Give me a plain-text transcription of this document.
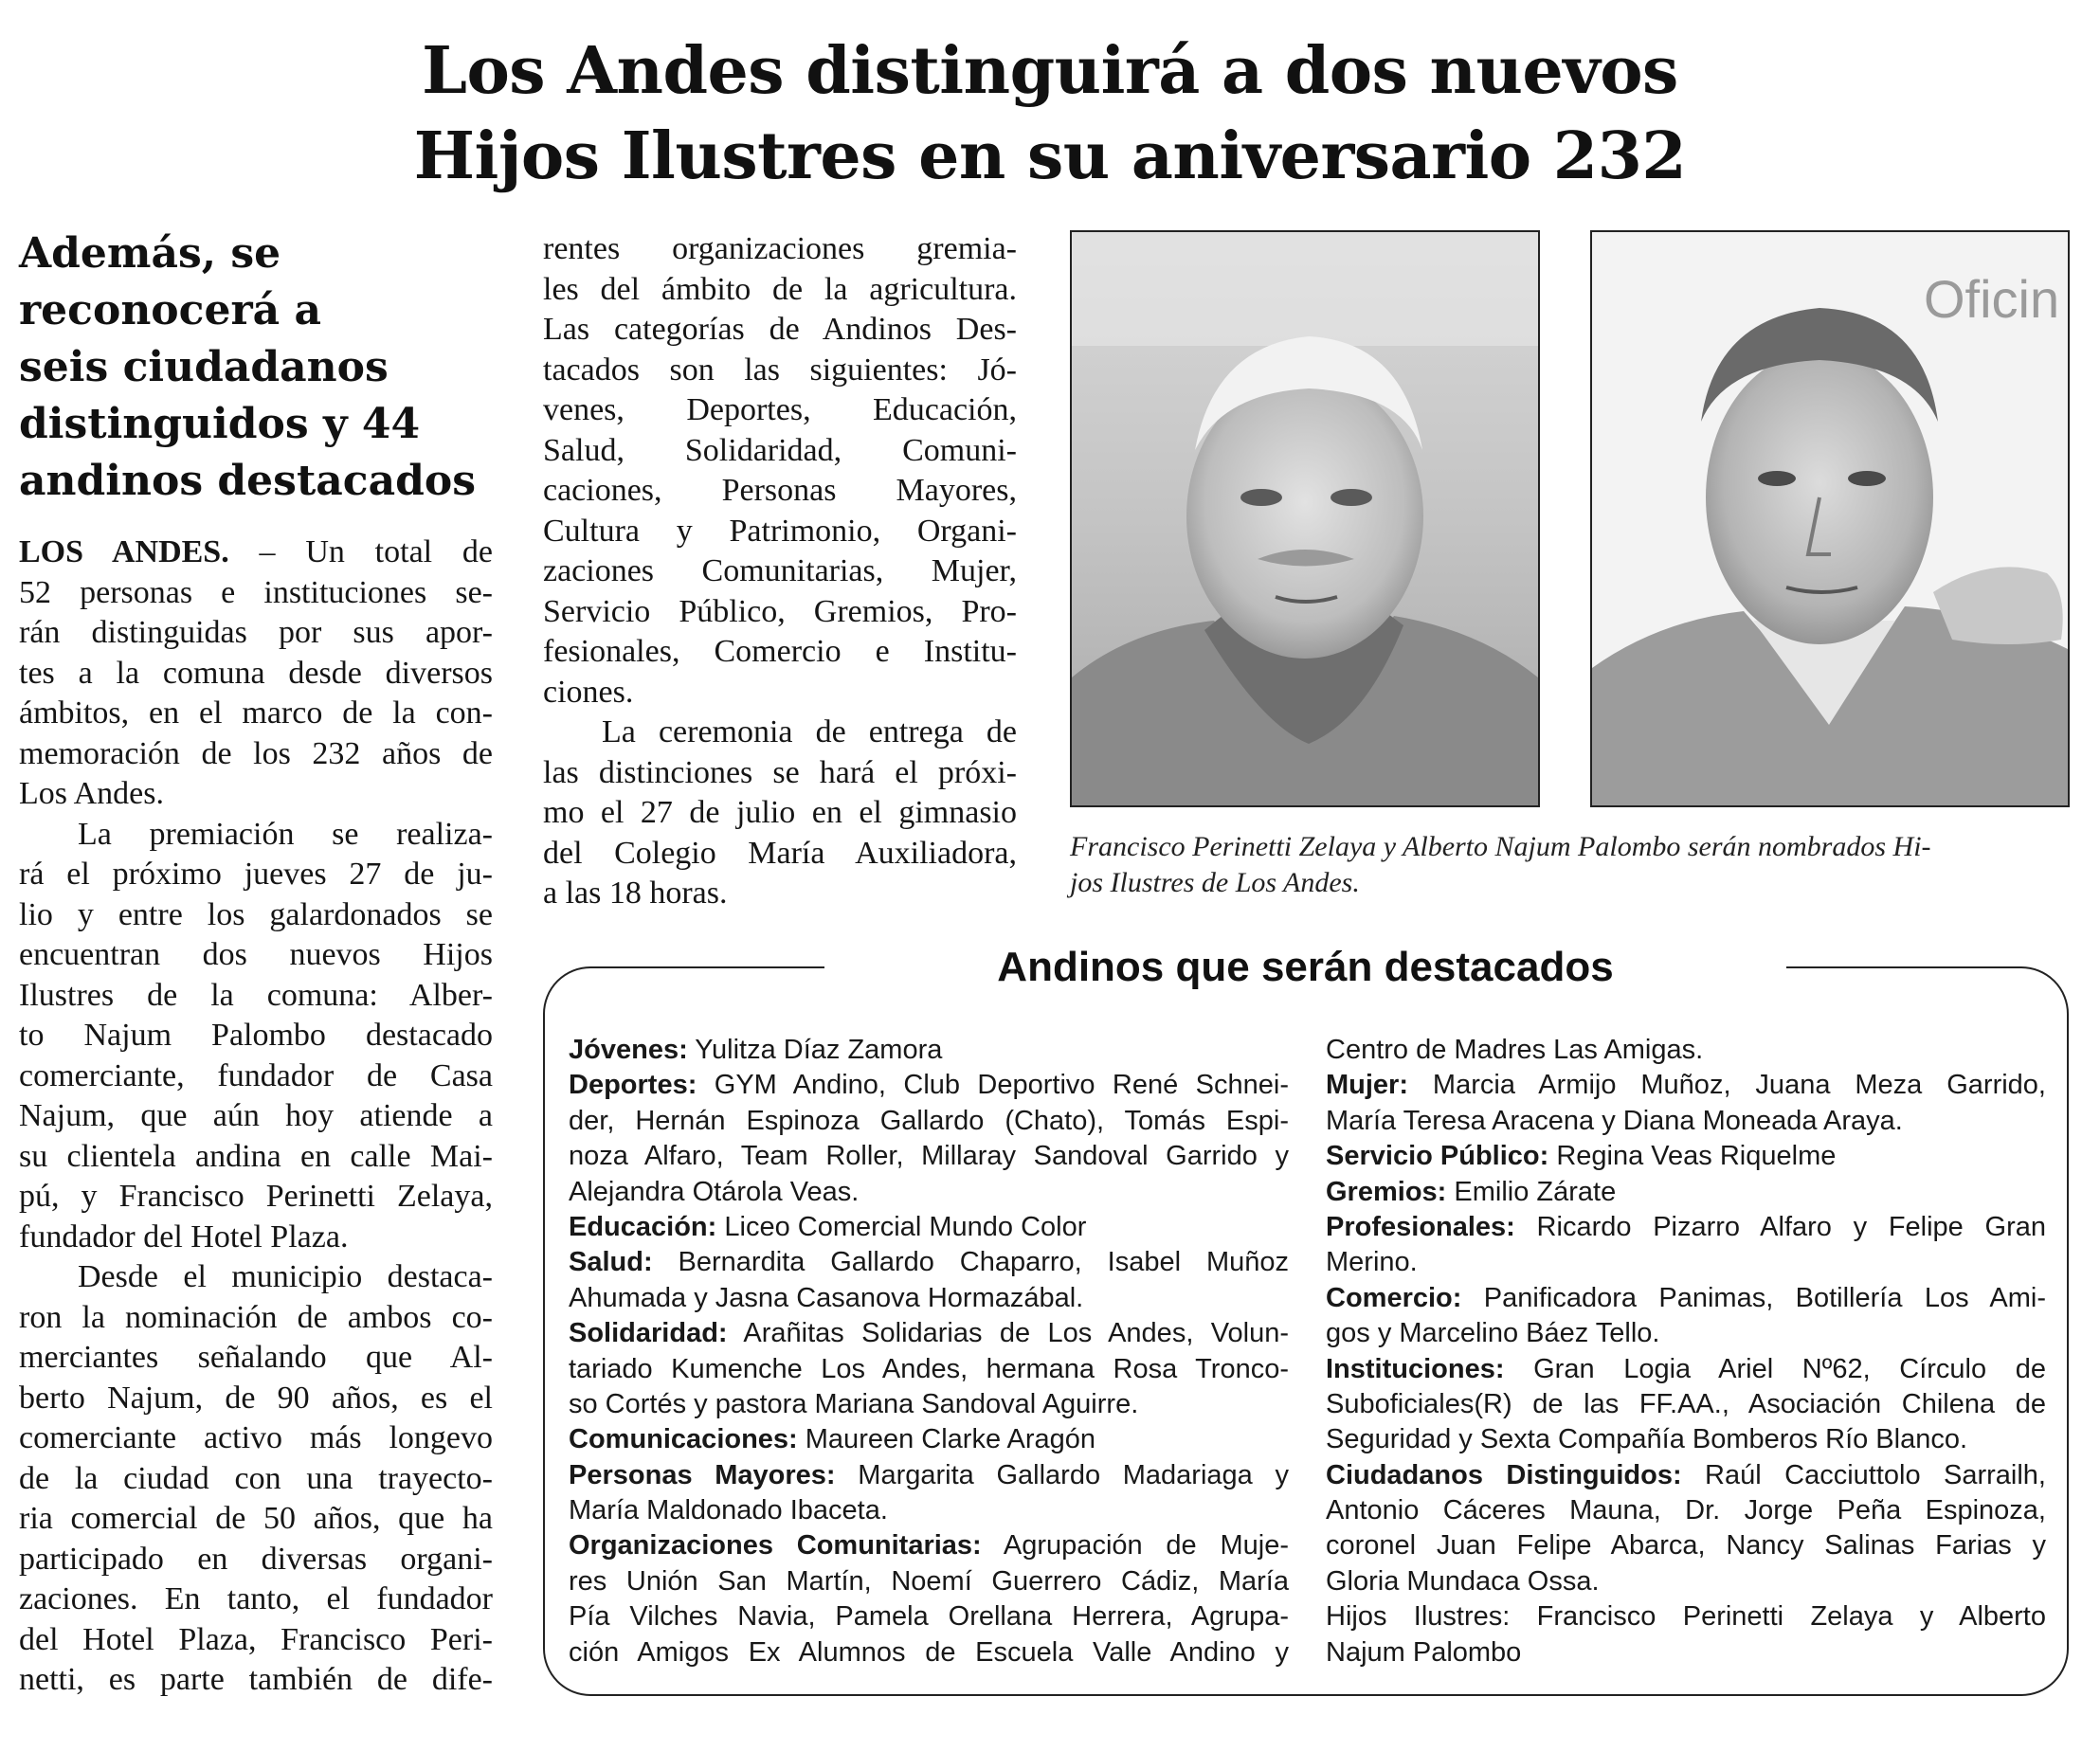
Los Andes distinguirá a dos nuevos
Hijos Ilustres en su aniversario 232
Además, se
reconocerá a
seis ciudadanos
distinguidos y 44
andinos destacados
LOS ANDES. – Un total de
52 personas e instituciones se-
rán distinguidas por sus apor-
tes a la comuna desde diversos
ámbitos, en el marco de la con-
memoración de los 232 años de
Los Andes.
La premiación se realiza-
rá el próximo jueves 27 de ju-
lio y entre los galardonados se
encuentran dos nuevos Hijos
Ilustres de la comuna: Alber-
to Najum Palombo destacado
comerciante, fundador de Casa
Najum, que aún hoy atiende a
su clientela andina en calle Mai-
pú, y Francisco Perinetti Zelaya,
fundador del Hotel Plaza.
Desde el municipio destaca-
ron la nominación de ambos co-
merciantes señalando que Al-
berto Najum, de 90 años, es el
comerciante activo más longevo
de la ciudad con una trayecto-
ria comercial de 50 años, que ha
participado en diversas organi-
zaciones. En tanto, el fundador
del Hotel Plaza, Francisco Peri-
netti, es parte también de dife-
rentes organizaciones gremia-
les del ámbito de la agricultura.
Las categorías de Andinos Des-
tacados son las siguientes: Jó-
venes, Deportes, Educación,
Salud, Solidaridad, Comuni-
caciones, Personas Mayores,
Cultura y Patrimonio, Organi-
zaciones Comunitarias, Mujer,
Servicio Público, Gremios, Pro-
fesionales, Comercio e Institu-
ciones.
La ceremonia de entrega de
las distinciones se hará el próxi-
mo el 27 de julio en el gimnasio
del Colegio María Auxiliadora,
a las 18 horas.
Oficin
Francisco Perinetti Zelaya y Alberto Najum Palombo serán nombrados Hi-
jos Ilustres de Los Andes.
Andinos que serán destacados
Jóvenes: Yulitza Díaz Zamora
Deportes: GYM Andino, Club Deportivo René Schnei-
der, Hernán Espinoza Gallardo (Chato), Tomás Espi-
noza Alfaro, Team Roller, Millaray Sandoval Garrido y
Alejandra Otárola Veas.
Educación: Liceo Comercial Mundo Color
Salud: Bernardita Gallardo Chaparro, Isabel Muñoz
Ahumada y Jasna Casanova Hormazábal.
Solidaridad: Arañitas Solidarias de Los Andes, Volun-
tariado Kumenche Los Andes, hermana Rosa Tronco-
so Cortés y pastora Mariana Sandoval Aguirre.
Comunicaciones: Maureen Clarke Aragón
Personas Mayores: Margarita Gallardo Madariaga y
María Maldonado Ibaceta.
Organizaciones Comunitarias: Agrupación de Muje-
res Unión San Martín, Noemí Guerrero Cádiz, María
Pía Vilches Navia, Pamela Orellana Herrera, Agrupa-
ción Amigos Ex Alumnos de Escuela Valle Andino y
Centro de Madres Las Amigas.
Mujer: Marcia Armijo Muñoz, Juana Meza Garrido,
María Teresa Aracena y Diana Moneada Araya.
Servicio Público: Regina Veas Riquelme
Gremios: Emilio Zárate
Profesionales: Ricardo Pizarro Alfaro y Felipe Gran
Merino.
Comercio: Panificadora Panimas, Botillería Los Ami-
gos y Marcelino Báez Tello.
Instituciones: Gran Logia Ariel Nº62, Círculo de
Suboficiales(R) de las FF.AA., Asociación Chilena de
Seguridad y Sexta Compañía Bomberos Río Blanco.
Ciudadanos Distinguidos: Raúl Cacciuttolo Sarrailh,
Antonio Cáceres Mauna, Dr. Jorge Peña Espinoza,
coronel Juan Felipe Abarca, Nancy Salinas Farias y
Gloria Mundaca Ossa.
Hijos Ilustres: Francisco Perinetti Zelaya y Alberto
Najum Palombo
